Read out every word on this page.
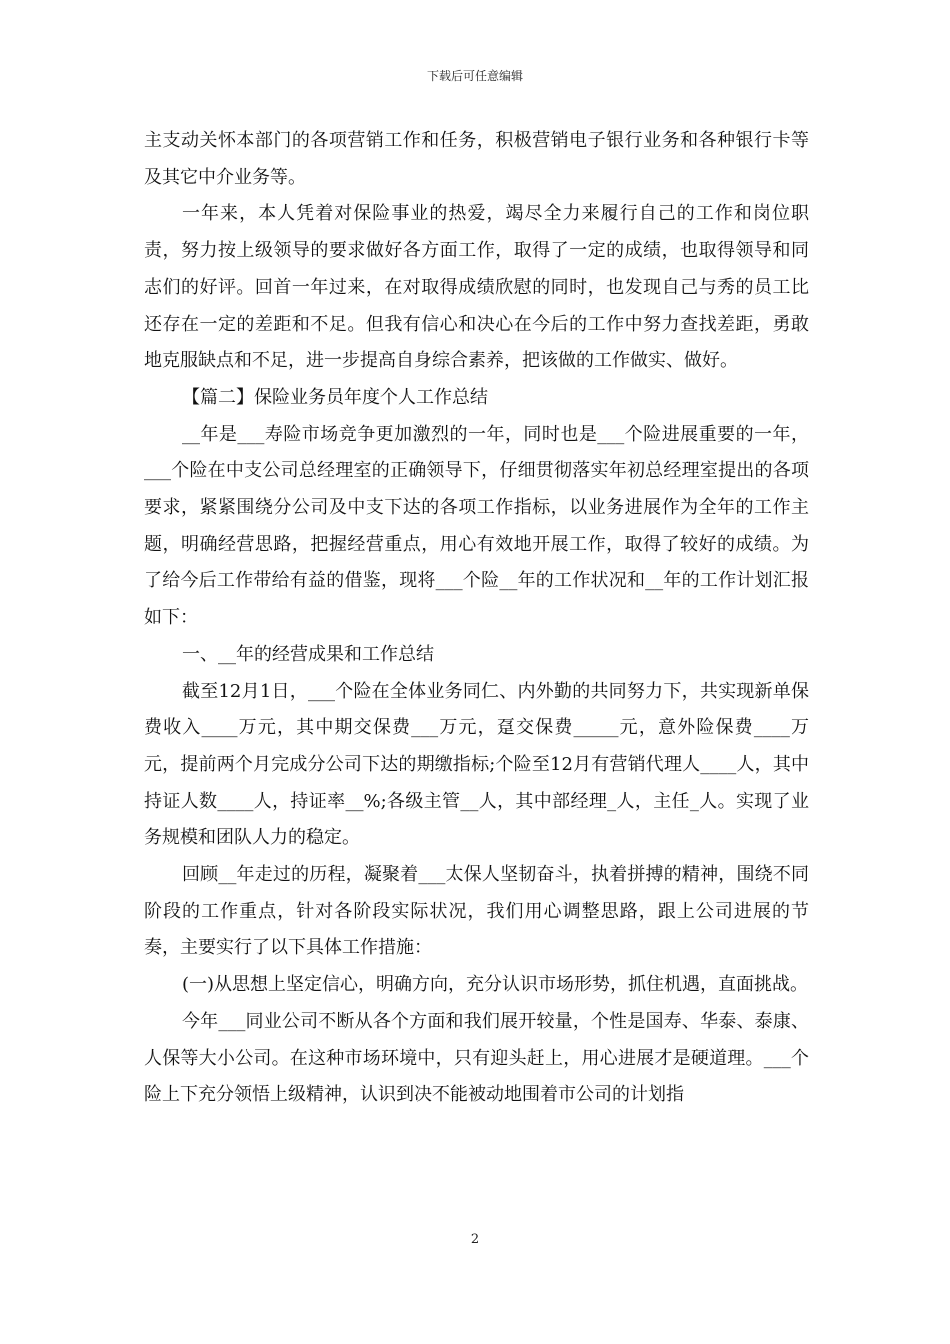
下载后可任意编辑

主支动关怀本部门的各项营销工作和任务，积极营销电子银行业务和各种银行卡等及其它中介业务等。

一年来，本人凭着对保险事业的热爱，竭尽全力来履行自己的工作和岗位职责，努力按上级领导的要求做好各方面工作，取得了一定的成绩，也取得领导和同志们的好评。回首一年过来，在对取得成绩欣慰的同时，也发现自己与秀的员工比还存在一定的差距和不足。但我有信心和决心在今后的工作中努力查找差距，勇敢地克服缺点和不足，进一步提高自身综合素养，把该做的工作做实、做好。

【篇二】保险业务员年度个人工作总结

__年是___寿险市场竞争更加激烈的一年，同时也是___个险进展重要的一年，___个险在中支公司总经理室的正确领导下，仔细贯彻落实年初总经理室提出的各项要求，紧紧围绕分公司及中支下达的各项工作指标，以业务进展作为全年的工作主题，明确经营思路，把握经营重点，用心有效地开展工作，取得了较好的成绩。为了给今后工作带给有益的借鉴，现将___个险__年的工作状况和__年的工作计划汇报如下：

一、__年的经营成果和工作总结

截至12月1日，___个险在全体业务同仁、内外勤的共同努力下，共实现新单保费收入____万元，其中期交保费___万元，趸交保费_____元，意外险保费____万元，提前两个月完成分公司下达的期缴指标;个险至12月有营销代理人____人，其中持证人数____人，持证率__%;各级主管__人，其中部经理_人，主任_人。实现了业务规模和团队人力的稳定。

回顾__年走过的历程，凝聚着___太保人坚韧奋斗，执着拼搏的精神，围绕不同阶段的工作重点，针对各阶段实际状况，我们用心调整思路，跟上公司进展的节奏，主要实行了以下具体工作措施：

(一)从思想上坚定信心，明确方向，充分认识市场形势，抓住机遇，直面挑战。

今年___同业公司不断从各个方面和我们展开较量，个性是国寿、华泰、泰康、人保等大小公司。在这种市场环境中，只有迎头赶上，用心进展才是硬道理。___个险上下充分领悟上级精神，认识到决不能被动地围着市公司的计划指

2
